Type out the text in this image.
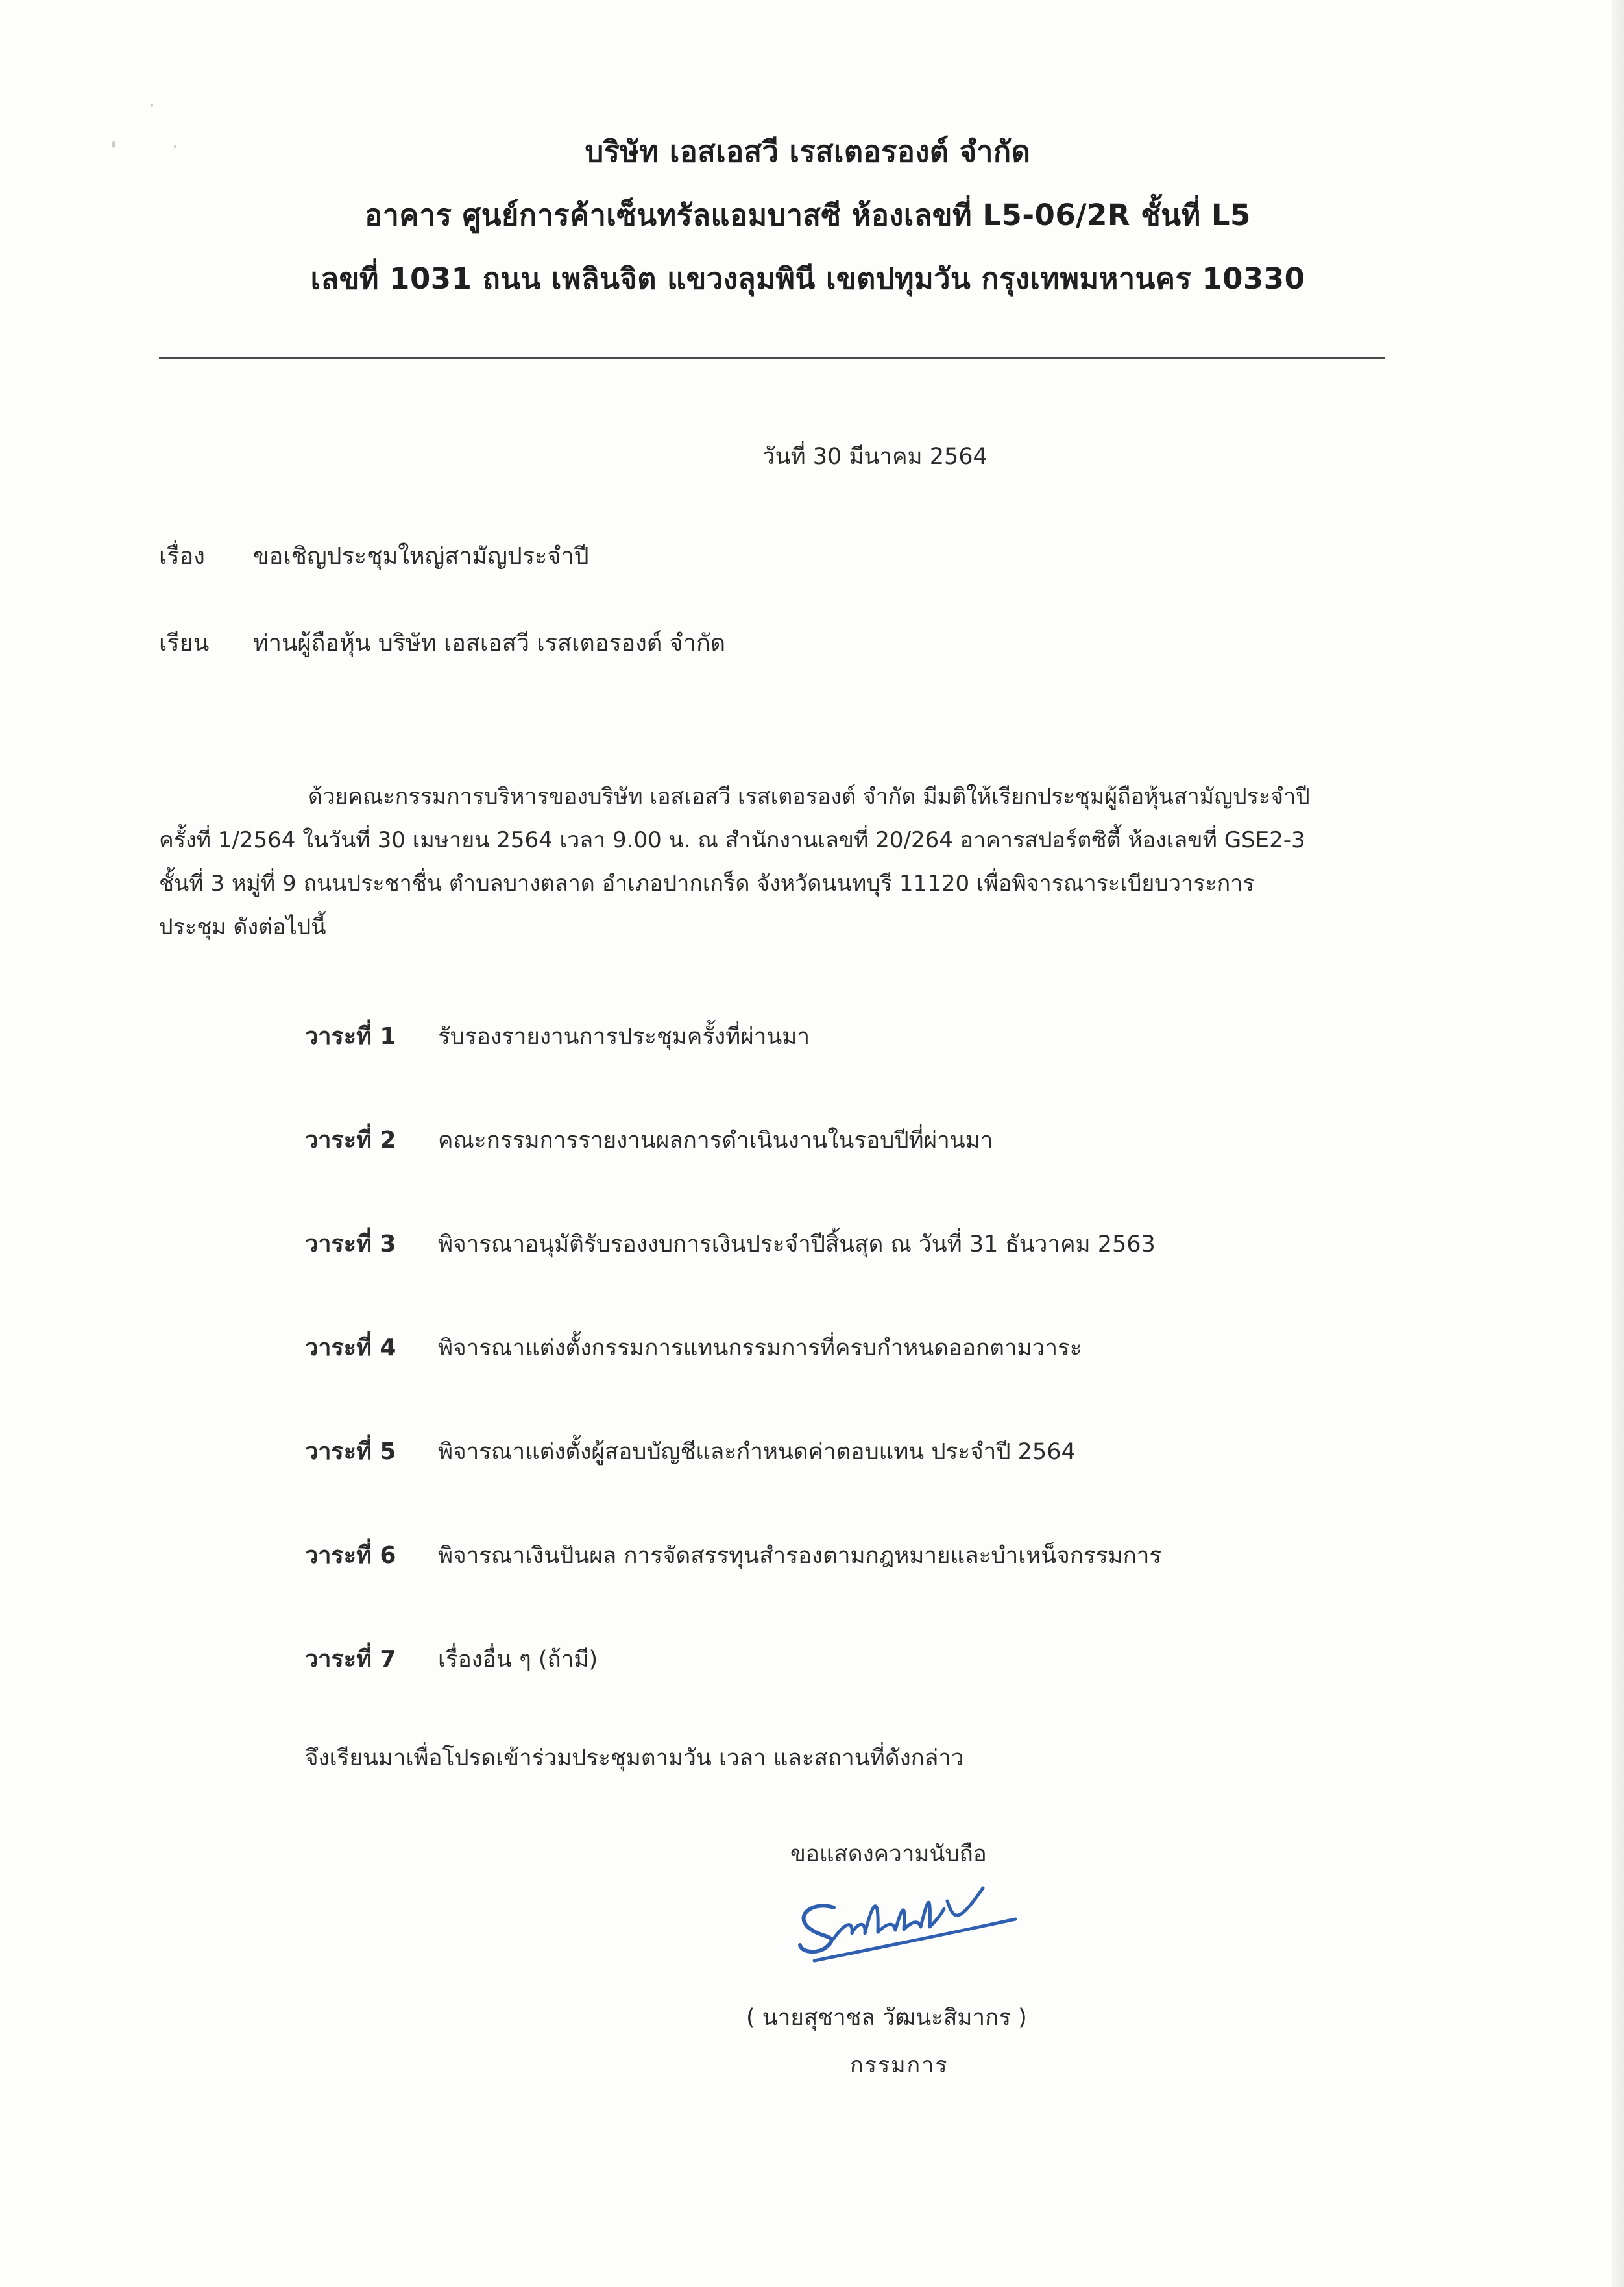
บริษัท เอสเอสวี เรสเตอรองต์ จำกัด
อาคาร ศูนย์การค้าเซ็นทรัลแอมบาสซี ห้องเลขที่ L5-06/2R ชั้นที่ L5
เลขที่ 1031 ถนน เพลินจิต แขวงลุมพินี เขตปทุมวัน กรุงเทพมหานคร 10330
วันที่ 30 มีนาคม 2564
เรื่อง ขอเชิญประชุมใหญ่สามัญประจำปี
เรียน ท่านผู้ถือหุ้น บริษัท เอสเอสวี เรสเตอรองต์ จำกัด
ด้วยคณะกรรมการบริหารของบริษัท เอสเอสวี เรสเตอรองต์ จำกัด มีมติให้เรียกประชุมผู้ถือหุ้นสามัญประจำปี
ครั้งที่ 1/2564 ในวันที่ 30 เมษายน 2564 เวลา 9.00 น. ณ สำนักงานเลขที่ 20/264 อาคารสปอร์ตซิตี้ ห้องเลขที่ GSE2-3
ชั้นที่ 3 หมู่ที่ 9 ถนนประชาชื่น ตำบลบางตลาด อำเภอปากเกร็ด จังหวัดนนทบุรี 11120 เพื่อพิจารณาระเบียบวาระการ
ประชุม ดังต่อไปนี้
วาระที่ 1 รับรองรายงานการประชุมครั้งที่ผ่านมา
วาระที่ 2 คณะกรรมการรายงานผลการดำเนินงานในรอบปีที่ผ่านมา
วาระที่ 3 พิจารณาอนุมัติรับรองงบการเงินประจำปีสิ้นสุด ณ วันที่ 31 ธันวาคม 2563
วาระที่ 4 พิจารณาแต่งตั้งกรรมการแทนกรรมการที่ครบกำหนดออกตามวาระ
วาระที่ 5 พิจารณาแต่งตั้งผู้สอบบัญชีและกำหนดค่าตอบแทน ประจำปี 2564
วาระที่ 6 พิจารณาเงินปันผล การจัดสรรทุนสำรองตามกฎหมายและบำเหน็จกรรมการ
วาระที่ 7 เรื่องอื่น ๆ (ถ้ามี)
จึงเรียนมาเพื่อโปรดเข้าร่วมประชุมตามวัน เวลา และสถานที่ดังกล่าว
ขอแสดงความนับถือ
( นายสุชาชล วัฒนะสิมากร )
กรรมการ
